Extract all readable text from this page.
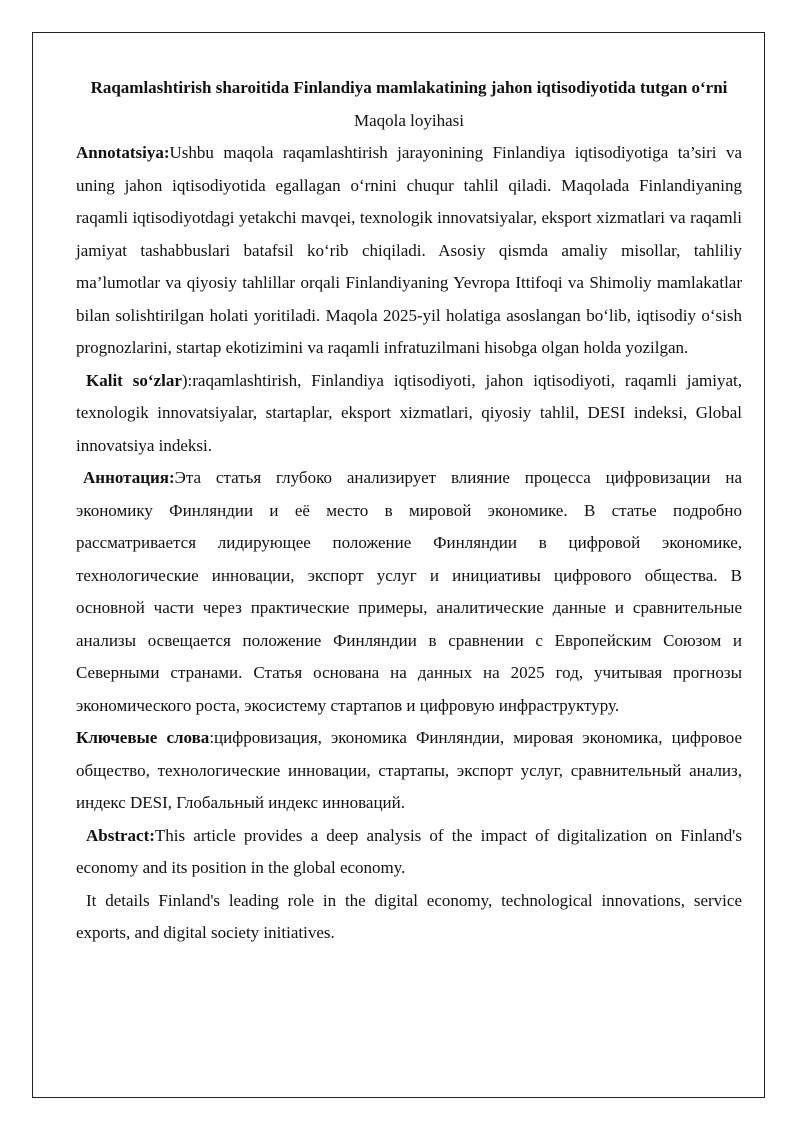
Raqamlashtirish sharoitida Finlandiya mamlakatining jahon iqtisodiyotida tutgan o‘rni

Maqola loyihasi

Annotatsiya:Ushbu maqola raqamlashtirish jarayonining Finlandiya iqtisodiyotiga ta’siri va uning jahon iqtisodiyotida egallagan o‘rnini chuqur tahlil qiladi. Maqolada Finlandiyaning raqamli iqtisodiyotdagi yetakchi mavqei, texnologik innovatsiyalar, eksport xizmatlari va raqamli jamiyat tashabbuslari batafsil ko‘rib chiqiladi. Asosiy qismda amaliy misollar, tahliliy ma’lumotlar va qiyosiy tahlillar orqali Finlandiyaning Yevropa Ittifoqi va Shimoliy mamlakatlar bilan solishtirilgan holati yoritiladi. Maqola 2025-yil holatiga asoslangan bo‘lib, iqtisodiy o‘sish prognozlarini, startap ekotizimini va raqamli infratuzilmani hisobga olgan holda yozilgan.

Kalit so‘zlar):raqamlashtirish, Finlandiya iqtisodiyoti, jahon iqtisodiyoti, raqamli jamiyat, texnologik innovatsiyalar, startaplar, eksport xizmatlari, qiyosiy tahlil, DESI indeksi, Global innovatsiya indeksi.

Аннотация:Эта статья глубоко анализирует влияние процесса цифровизации на экономику Финляндии и её место в мировой экономике. В статье подробно рассматривается лидирующее положение Финляндии в цифровой экономике, технологические инновации, экспорт услуг и инициативы цифрового общества. В основной части через практические примеры, аналитические данные и сравнительные анализы освещается положение Финляндии в сравнении с Европейским Союзом и Северными странами. Статья основана на данных на 2025 год, учитывая прогнозы экономического роста, экосистему стартапов и цифровую инфраструктуру.

Ключевые слова:цифровизация, экономика Финляндии, мировая экономика, цифровое общество, технологические инновации, стартапы, экспорт услуг, сравнительный анализ, индекс DESI, Глобальный индекс инноваций.

Abstract:This article provides a deep analysis of the impact of digitalization on Finland's economy and its position in the global economy.

It details Finland's leading role in the digital economy, technological innovations, service exports, and digital society initiatives.
